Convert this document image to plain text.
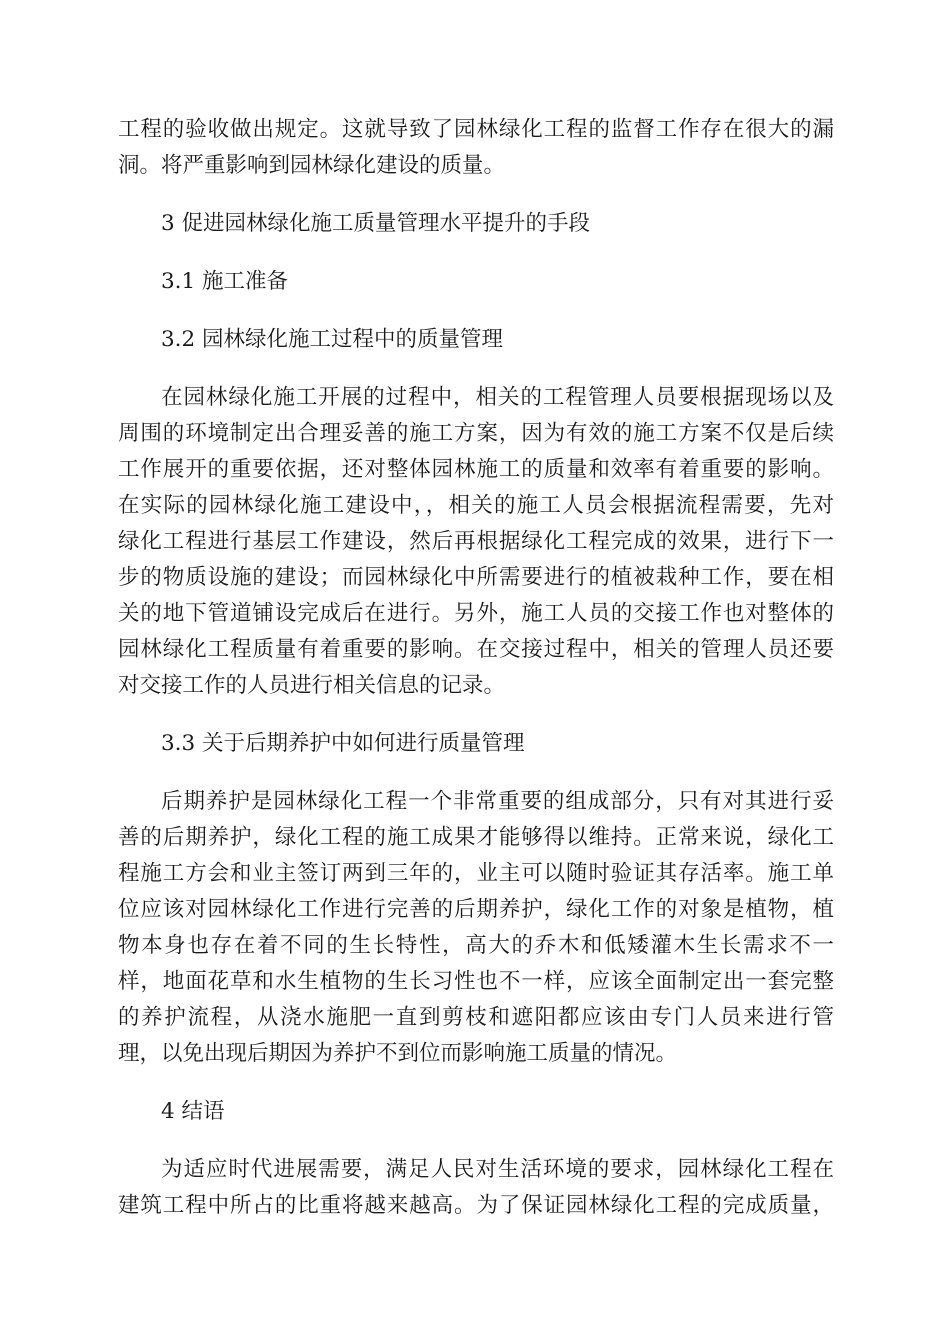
工程的验收做出规定。这就导致了园林绿化工程的监督工作存在很大的漏
洞。将严重影响到园林绿化建设的质量。
3 促进园林绿化施工质量管理水平提升的手段
3.1 施工准备
3.2 园林绿化施工过程中的质量管理
在园林绿化施工开展的过程中，相关的工程管理人员要根据现场以及
周围的环境制定出合理妥善的施工方案，因为有效的施工方案不仅是后续
工作展开的重要依据，还对整体园林施工的质量和效率有着重要的影响。
在实际的园林绿化施工建设中，，相关的施工人员会根据流程需要，先对
绿化工程进行基层工作建设，然后再根据绿化工程完成的效果，进行下一
步的物质设施的建设；而园林绿化中所需要进行的植被栽种工作，要在相
关的地下管道铺设完成后在进行。另外，施工人员的交接工作也对整体的
园林绿化工程质量有着重要的影响。在交接过程中，相关的管理人员还要
对交接工作的人员进行相关信息的记录。
3.3 关于后期养护中如何进行质量管理
后期养护是园林绿化工程一个非常重要的组成部分，只有对其进行妥
善的后期养护，绿化工程的施工成果才能够得以维持。正常来说，绿化工
程施工方会和业主签订两到三年的，业主可以随时验证其存活率。施工单
位应该对园林绿化工作进行完善的后期养护，绿化工作的对象是植物，植
物本身也存在着不同的生长特性，高大的乔木和低矮灌木生长需求不一
样，地面花草和水生植物的生长习性也不一样，应该全面制定出一套完整
的养护流程，从浇水施肥一直到剪枝和遮阳都应该由专门人员来进行管
理，以免出现后期因为养护不到位而影响施工质量的情况。
4 结语
为适应时代进展需要，满足人民对生活环境的要求，园林绿化工程在
建筑工程中所占的比重将越来越高。为了保证园林绿化工程的完成质量，
